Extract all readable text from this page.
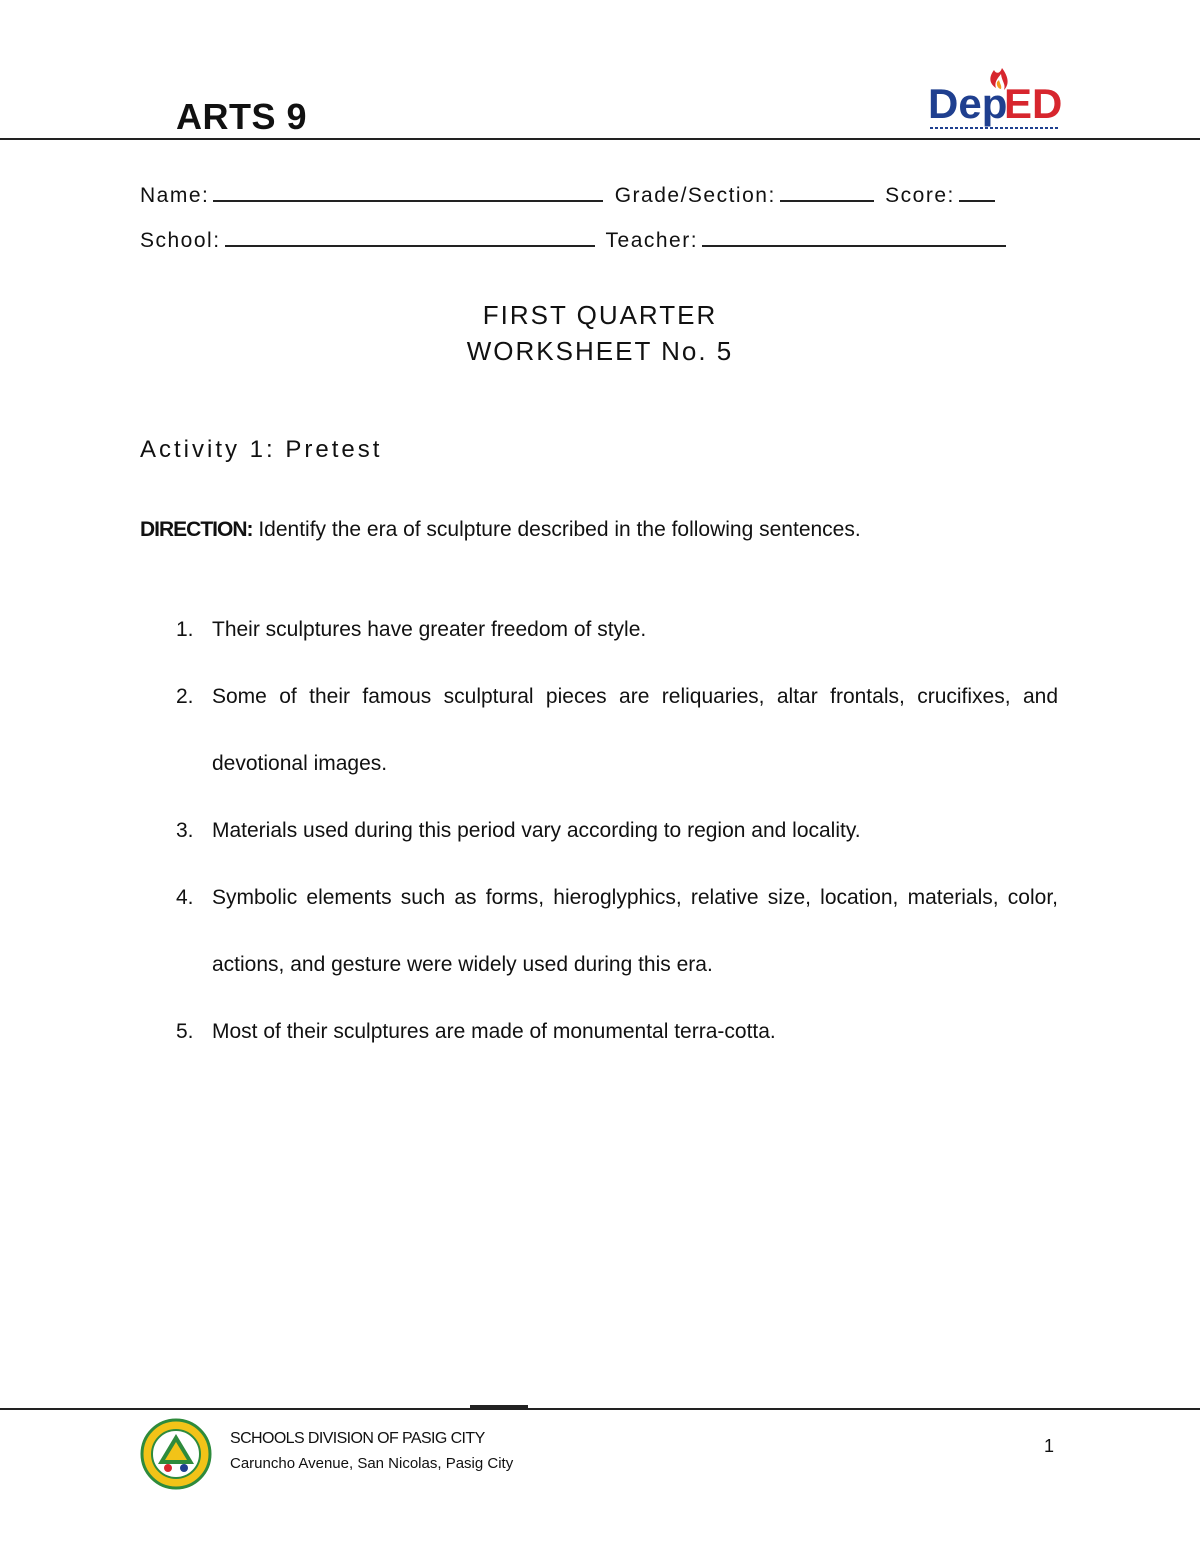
ARTS 9	Dep
ED
Name:	Grade/Section:	Score:
School:	Teacher:
FIRST QUARTER
WORKSHEET No. 5
Activity 1: Pretest
DIRECTION: Identify the era of sculpture described in the following sentences.
1. Their sculptures have greater freedom of style.
2. Some of their famous sculptural pieces are reliquaries, altar frontals, crucifixes, and devotional images.
3. Materials used during this period vary according to region and locality.
4. Symbolic elements such as forms, hieroglyphics, relative size, location, materials, color, actions, and gesture were widely used during this era.
5. Most of their sculptures are made of monumental terra-cotta.
SCHOOLS DIVISION OF PASIG CITY
Caruncho Avenue, San Nicolas, Pasig City
1
